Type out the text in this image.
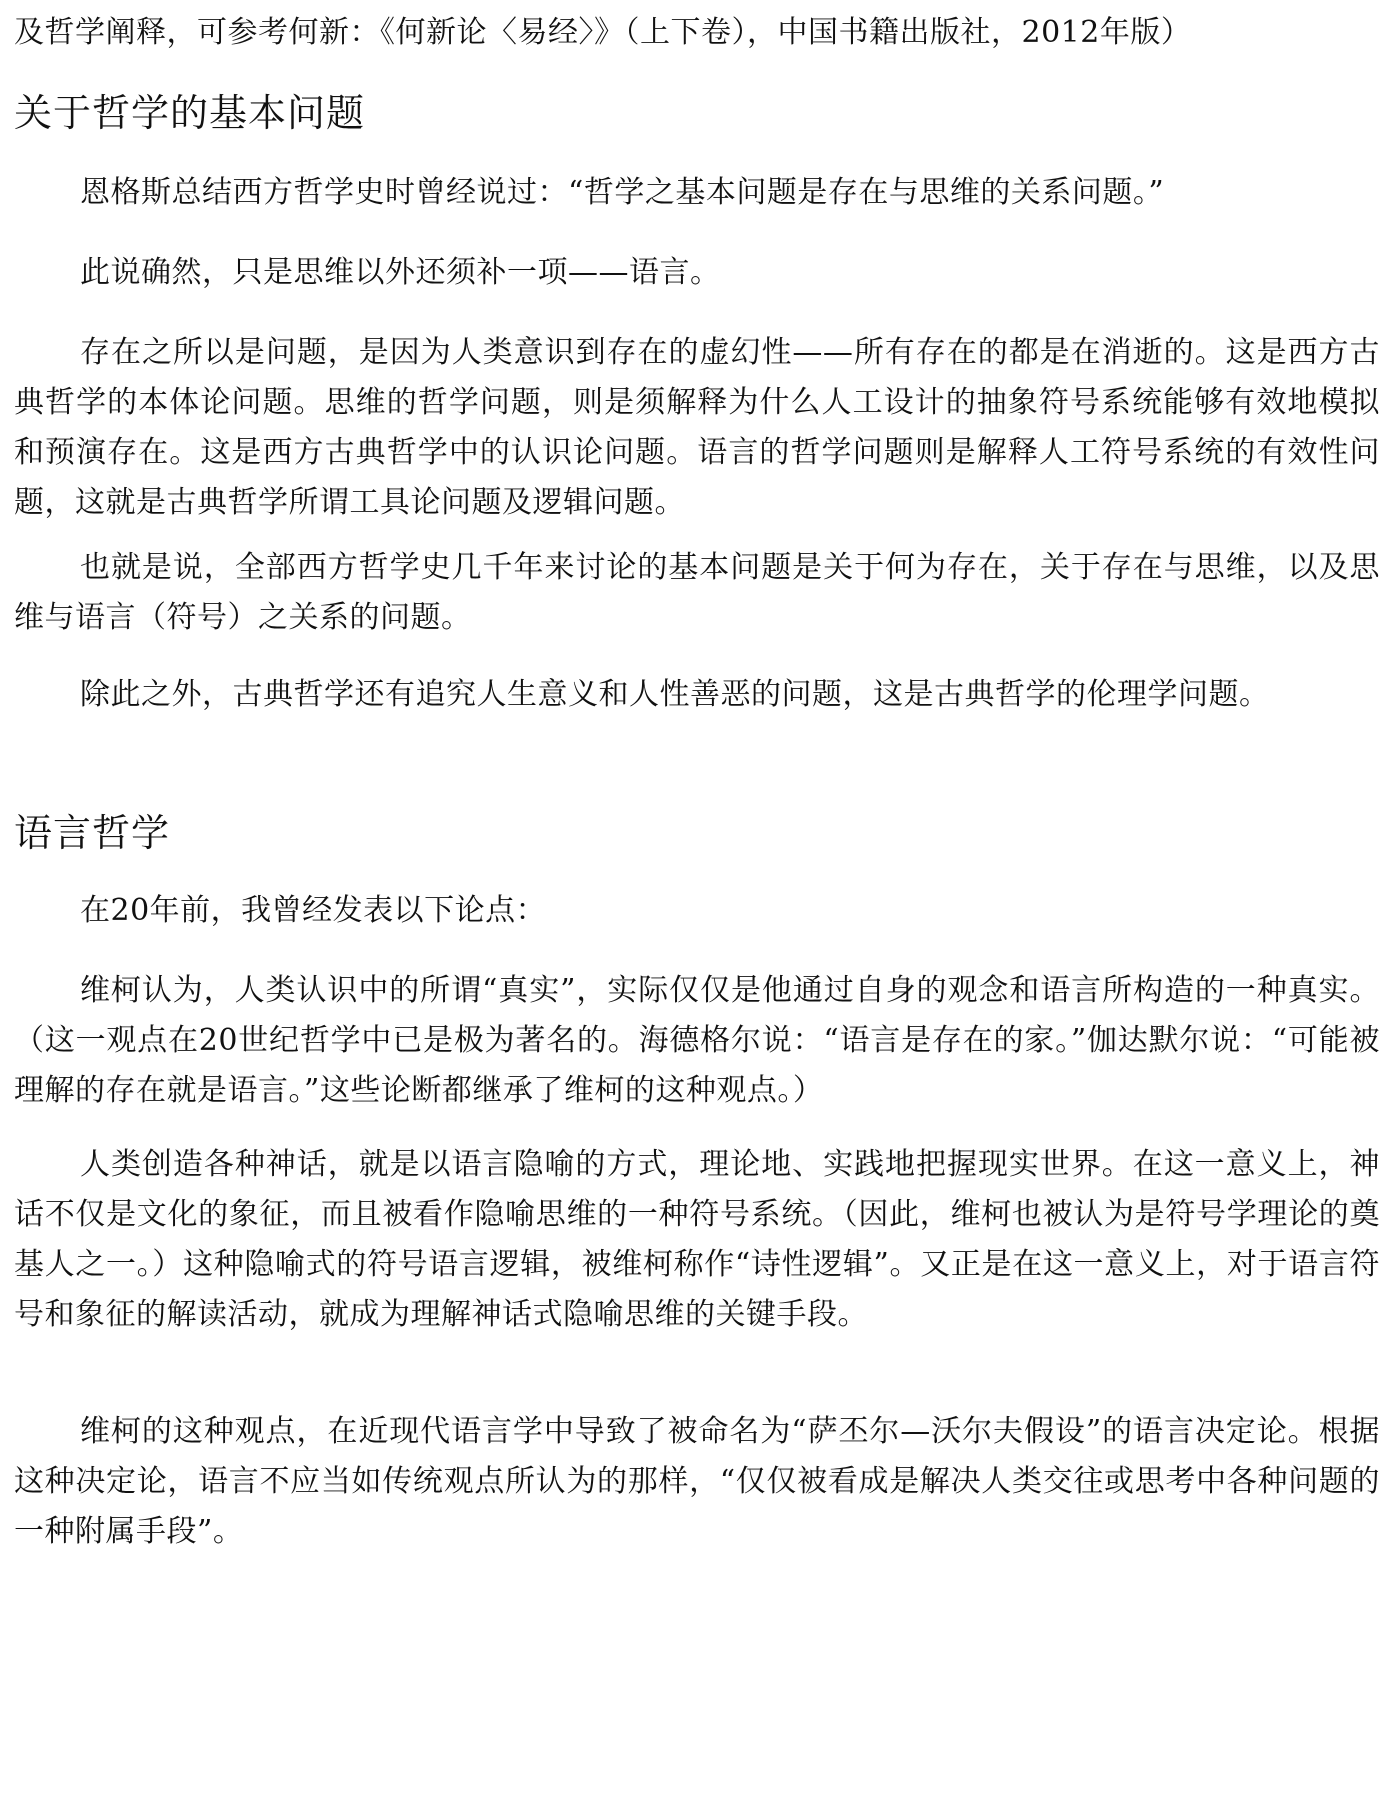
及哲学阐释，可参考何新：《何新论〈易经〉》（上下卷），中国书籍出版社，2012年版）

关于哲学的基本问题

恩格斯总结西方哲学史时曾经说过：“哲学之基本问题是存在与思维的关系问题。”

此说确然，只是思维以外还须补一项——语言。

存在之所以是问题，是因为人类意识到存在的虚幻性——所有存在的都是在消逝的。这是西方古典哲学的本体论问题。思维的哲学问题，则是须解释为什么人工设计的抽象符号系统能够有效地模拟和预演存在。这是西方古典哲学中的认识论问题。语言的哲学问题则是解释人工符号系统的有效性问题，这就是古典哲学所谓工具论问题及逻辑问题。

也就是说，全部西方哲学史几千年来讨论的基本问题是关于何为存在，关于存在与思维，以及思维与语言（符号）之关系的问题。

除此之外，古典哲学还有追究人生意义和人性善恶的问题，这是古典哲学的伦理学问题。

语言哲学

在20年前，我曾经发表以下论点：

维柯认为，人类认识中的所谓“真实”，实际仅仅是他通过自身的观念和语言所构造的一种真实。（这一观点在20世纪哲学中已是极为著名的。海德格尔说：“语言是存在的家。”伽达默尔说：“可能被理解的存在就是语言。”这些论断都继承了维柯的这种观点。）

人类创造各种神话，就是以语言隐喻的方式，理论地、实践地把握现实世界。在这一意义上，神话不仅是文化的象征，而且被看作隐喻思维的一种符号系统。（因此，维柯也被认为是符号学理论的奠基人之一。）这种隐喻式的符号语言逻辑，被维柯称作“诗性逻辑”。又正是在这一意义上，对于语言符号和象征的解读活动，就成为理解神话式隐喻思维的关键手段。

维柯的这种观点，在近现代语言学中导致了被命名为“萨丕尔—沃尔夫假设”的语言决定论。根据这种决定论，语言不应当如传统观点所认为的那样，“仅仅被看成是解决人类交往或思考中各种问题的一种附属手段”。
